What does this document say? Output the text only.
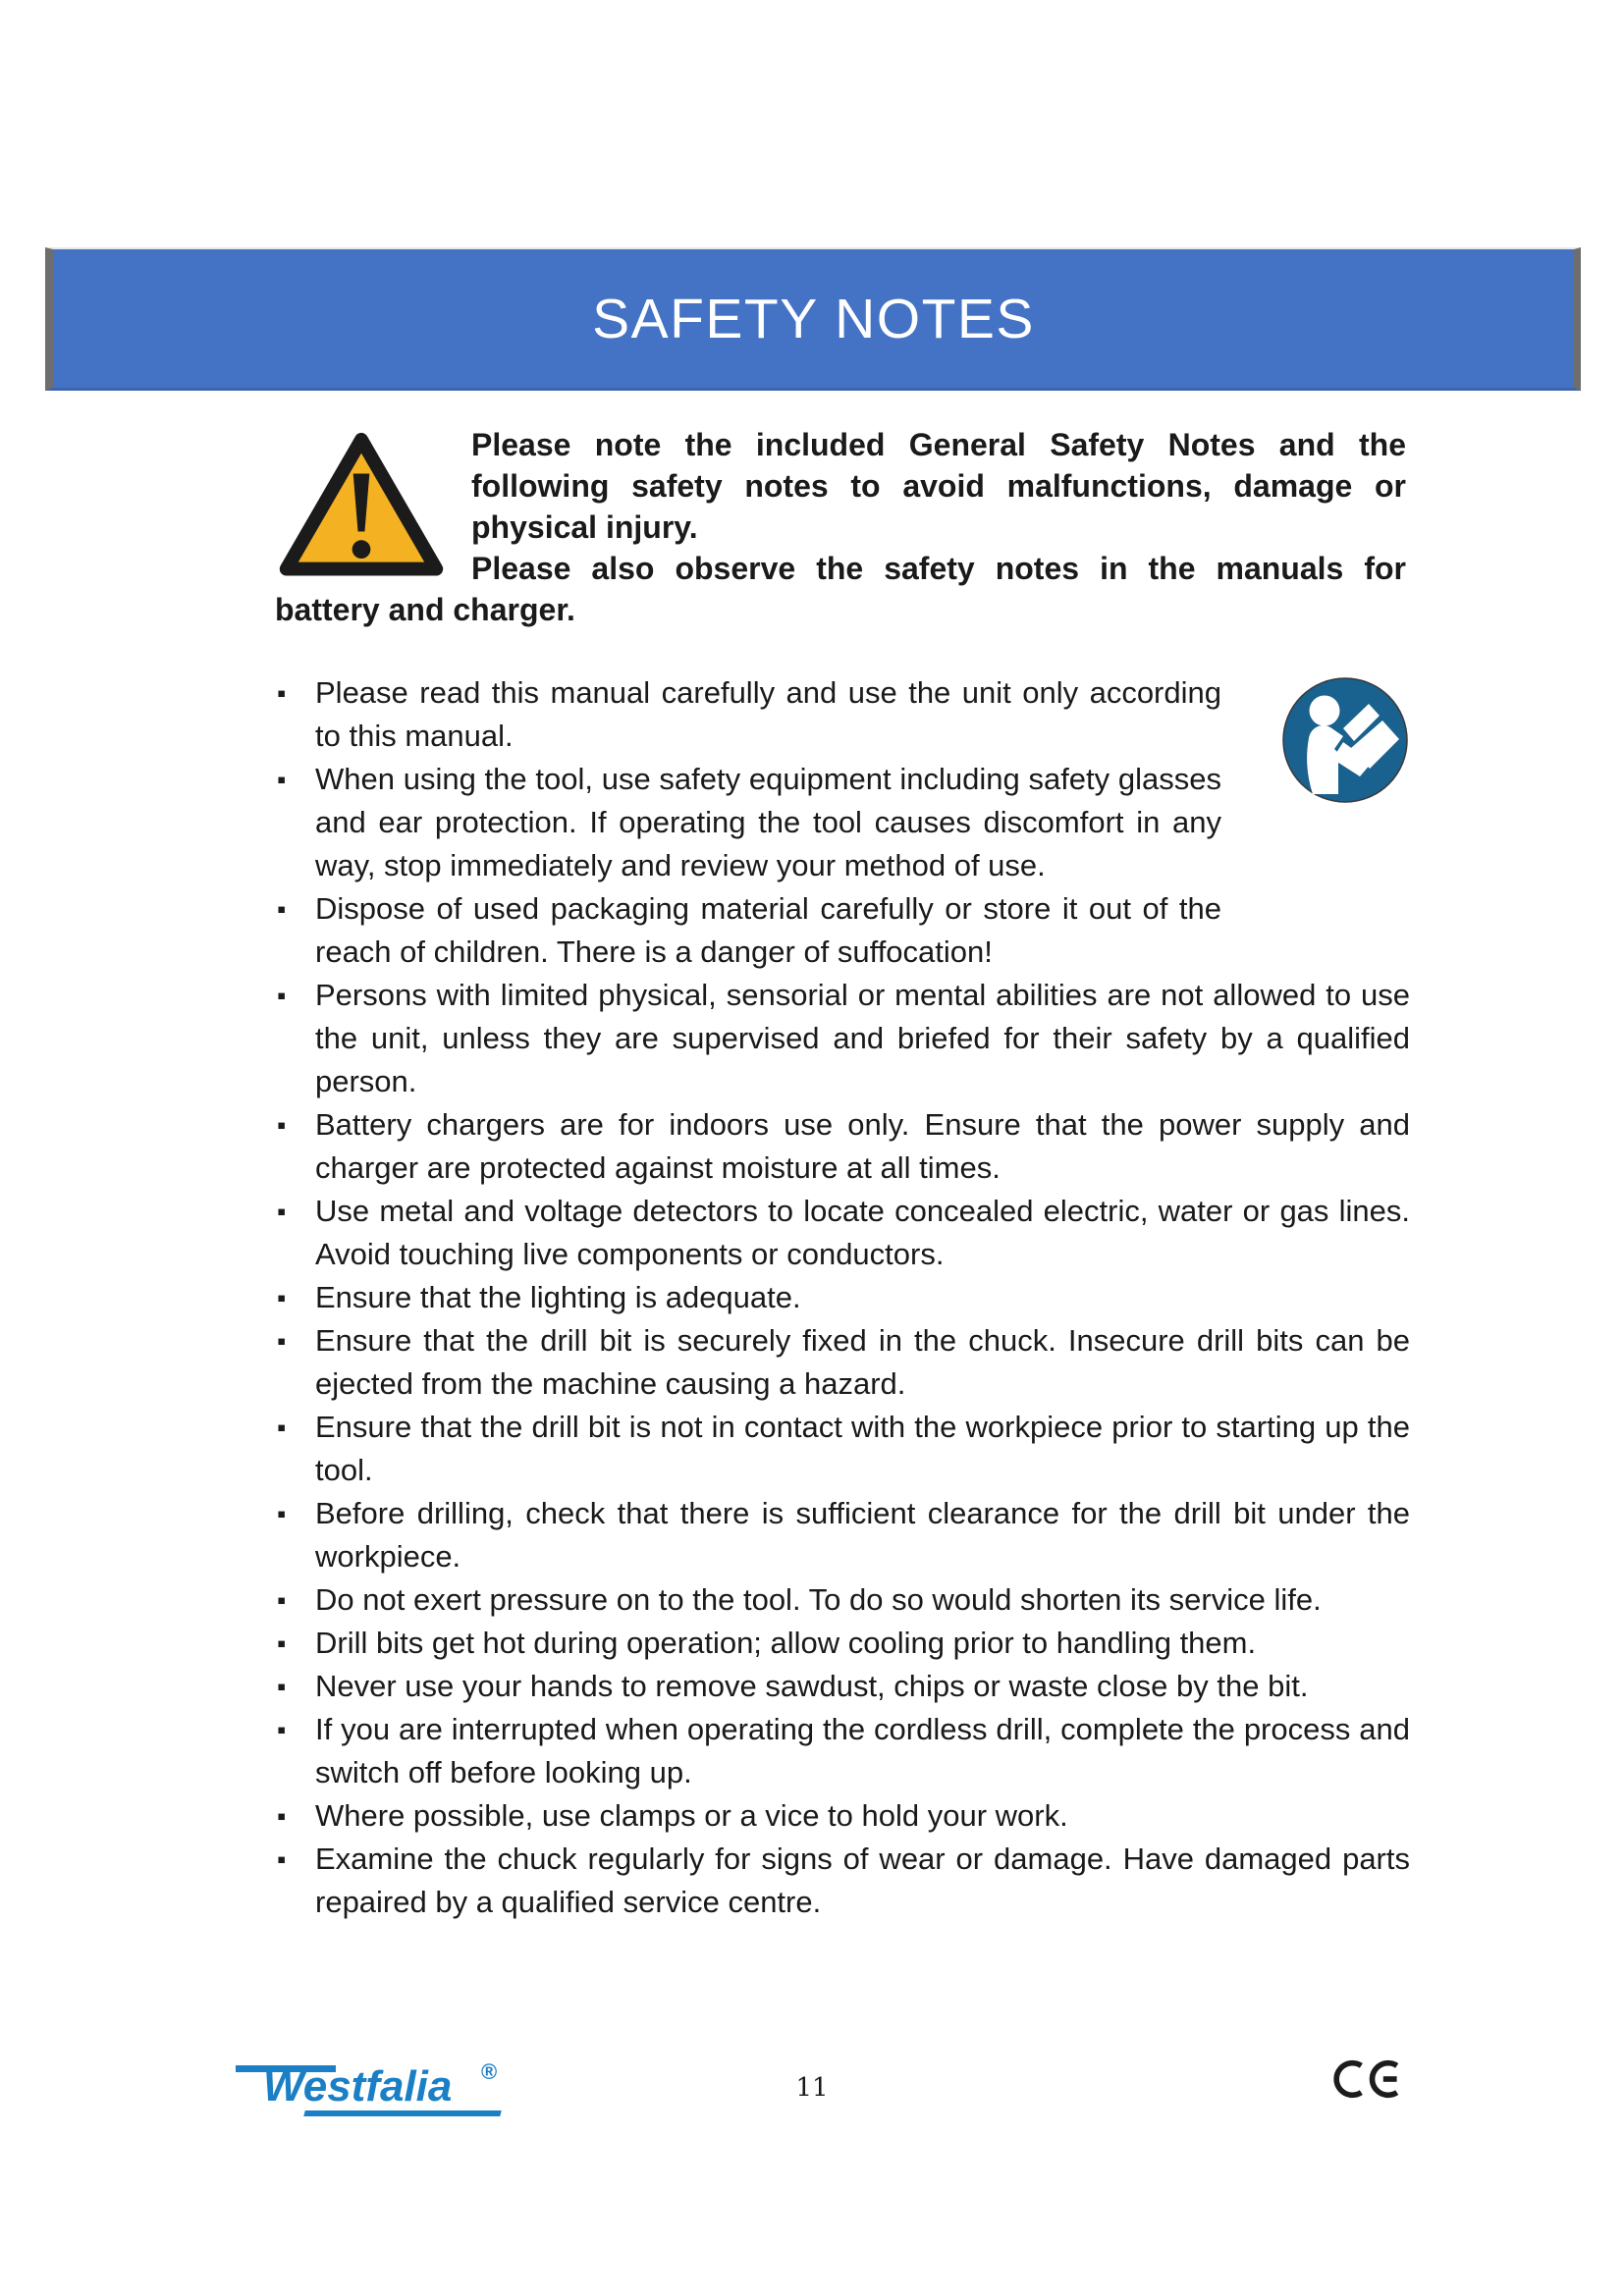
SAFETY NOTES
Please note the included General Safety Notes and the following safety notes to avoid malfunctions, damage or physical injury.
Please also observe the safety notes in the manuals for battery and charger.
▪ Please read this manual carefully and use the unit only according to this manual.
▪ When using the tool, use safety equipment including safety glasses and ear protection. If operating the tool causes discomfort in any way, stop immediately and review your method of use.
▪ Dispose of used packaging material carefully or store it out of the reach of children. There is a danger of suffocation!
▪ Persons with limited physical, sensorial or mental abilities are not allowed to use the unit, unless they are supervised and briefed for their safety by a qualified person.
▪ Battery chargers are for indoors use only. Ensure that the power supply and charger are protected against moisture at all times.
▪ Use metal and voltage detectors to locate concealed electric, water or gas lines. Avoid touching live components or conductors.
▪ Ensure that the lighting is adequate.
▪ Ensure that the drill bit is securely fixed in the chuck. Insecure drill bits can be ejected from the machine causing a hazard.
▪ Ensure that the drill bit is not in contact with the workpiece prior to starting up the tool.
▪ Before drilling, check that there is sufficient clearance for the drill bit under the workpiece.
▪ Do not exert pressure on to the tool. To do so would shorten its service life.
▪ Drill bits get hot during operation; allow cooling prior to handling them.
▪ Never use your hands to remove sawdust, chips or waste close by the bit.
▪ If you are interrupted when operating the cordless drill, complete the process and switch off before looking up.
▪ Where possible, use clamps or a vice to hold your work.
▪ Examine the chuck regularly for signs of wear or damage. Have damaged parts repaired by a qualified service centre.
Westfalia ®
11
